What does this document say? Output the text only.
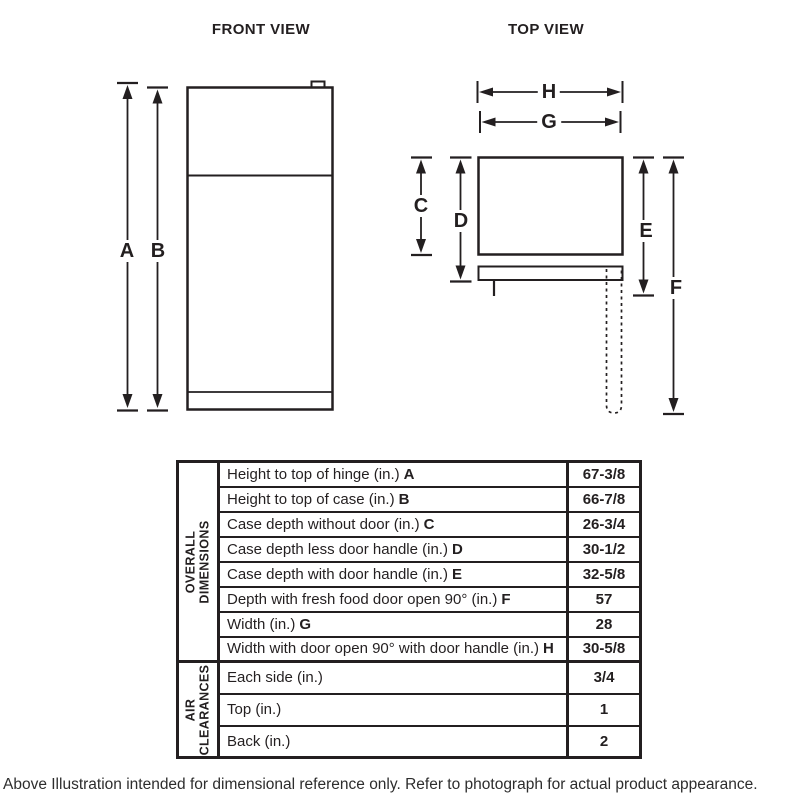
FRONT VIEW	TOP VIEW
A B
C
D	E
F
G
H
OVERALL
DIMENSIONS	Height to top of hinge (in.) A	67-3/8
	Height to top of case (in.) B	66-7/8
	Case depth without door (in.) C	26-3/4
	Case depth less door handle (in.) D	30-1/2
	Case depth with door handle (in.) E	32-5/8
	Depth with fresh food door open 90° (in.) F	57
	Width (in.) G	28
	Width with door open 90° with door handle (in.) H	30-5/8

AIR
CLEARANCES	Each side (in.)	3/4
	Top (in.)	1
	Back (in.)	2
Above Illustration intended for dimensional reference only. Refer to photograph for actual product appearance.
